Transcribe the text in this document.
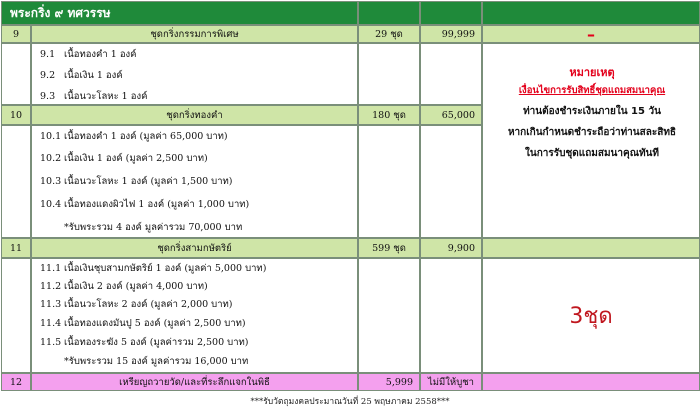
พระกริ่ง ๙ ทศวรรษ
9	ชุดกริ่งกรรมการพิเศษ	29 ชุด	99,999	–
9.1 เนื้อทองคำ 1 องค์
9.2 เนื้อเงิน 1 องค์
9.3 เนื้อนวะโลหะ 1 องค์
หมายเหตุ
เงื่อนไขการรับสิทธิ์ชุดแถมสมนาคุณ
ท่านต้องชำระเงินภายใน 15 วัน
หากเกินกำหนดชำระถือว่าท่านสละสิทธิ
ในการรับชุดแถมสมนาคุณทันที
10	ชุดกริ่งทองคำ	180 ชุด	65,000
10.1 เนื้อทองคำ 1 องค์ (มูลค่า 65,000 บาท)
10.2 เนื้อเงิน 1 องค์ (มูลค่า 2,500 บาท)
10.3 เนื้อนวะโลหะ 1 องค์ (มูลค่า 1,500 บาท)
10.4 เนื้อทองแดงผิวไฟ 1 องค์ (มูลค่า 1,000 บาท)
*รับพระรวม 4 องค์ มูลค่ารวม 70,000 บาท
11	ชุดกริ่งสามกษัตริย์	599 ชุด	9,900
11.1 เนื้อเงินชุบสามกษัตริย์ 1 องค์ (มูลค่า 5,000 บาท)
11.2 เนื้อเงิน 2 องค์ (มูลค่า 4,000 บาท)
11.3 เนื้อนวะโลหะ 2 องค์ (มูลค่า 2,000 บาท)
11.4 เนื้อทองแดงมันปู 5 องค์ (มูลค่า 2,500 บาท)
11.5 เนื้อทองระฆัง 5 องค์ (มูลค่ารวม 2,500 บาท)
*รับพระรวม 15 องค์ มูลค่ารวม 16,000 บาท
3ชุด
12	เหรียญถวายวัด/และที่ระลึกแจกในพิธี	5,999	ไม่มีให้บูชา
***รับวัตถุมงคลประมาณวันที่ 25 พฤษภาคม 2558***
